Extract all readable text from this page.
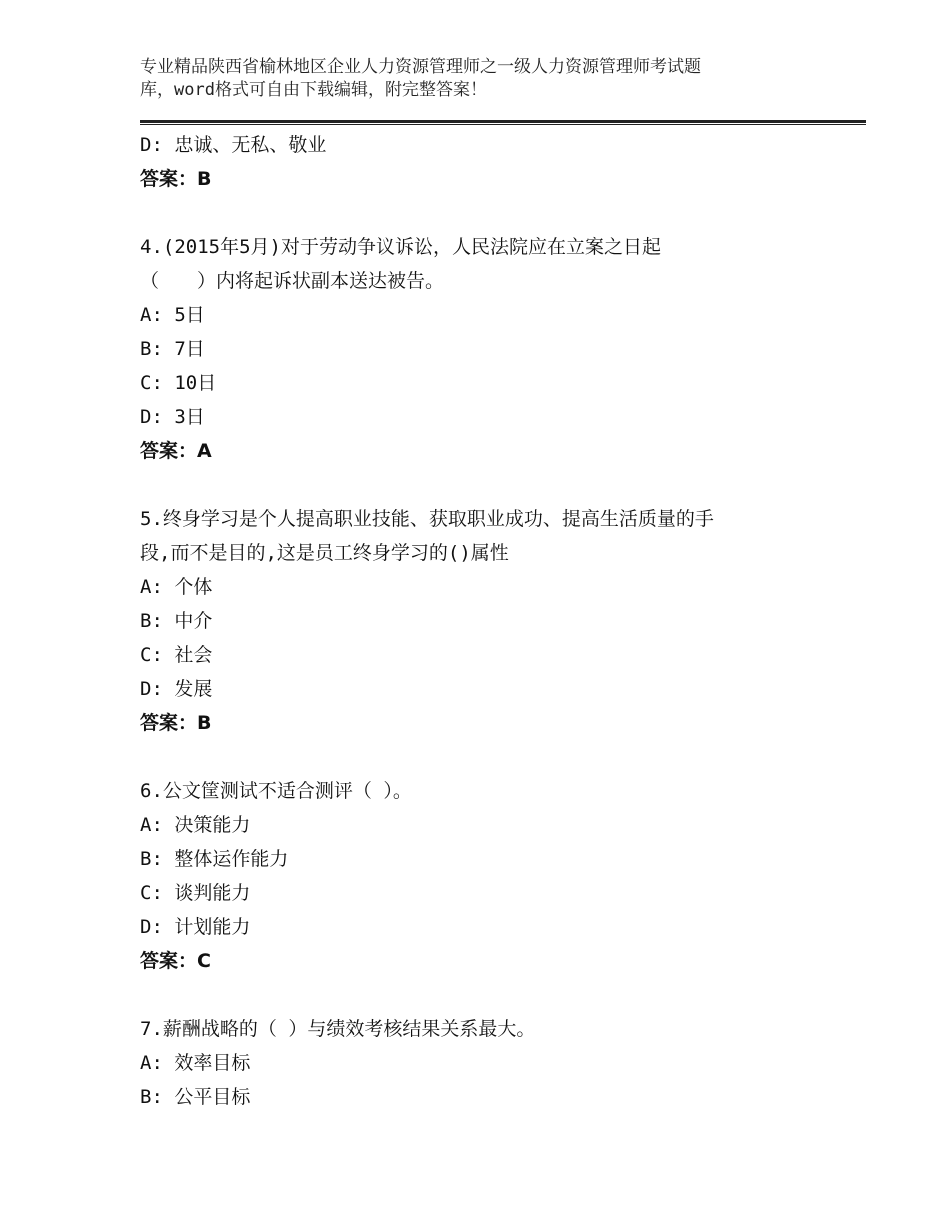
专业精品陕西省榆林地区企业人力资源管理师之一级人力资源管理师考试题
库，word格式可自由下载编辑，附完整答案！
D: 忠诚、无私、敬业
答案：B
4.(2015年5月)对于劳动争议诉讼，人民法院应在立案之日起
（　　）内将起诉状副本送达被告。
A: 5日
B: 7日
C: 10日
D: 3日
答案：A
5.终身学习是个人提高职业技能、获取职业成功、提高生活质量的手
段,而不是目的,这是员工终身学习的()属性
A: 个体
B: 中介
C: 社会
D: 发展
答案：B
6.公文筐测试不适合测评（ ）。
A: 决策能力
B: 整体运作能力
C: 谈判能力
D: 计划能力
答案：C
7.薪酬战略的（ ）与绩效考核结果关系最大。
A: 效率目标
B: 公平目标
